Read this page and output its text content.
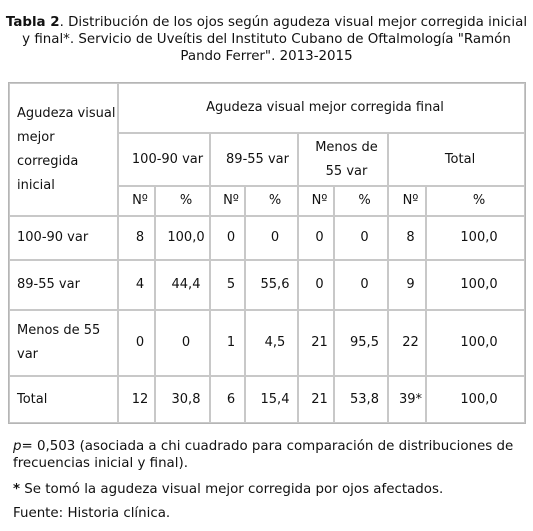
Tabla 2. Distribución de los ojos según agudeza visual mejor corregida inicial y final*. Servicio de Uveítis del Instituto Cubano de Oftalmología "Ramón Pando Ferrer". 2013-2015
Agudeza visual mejor corregida inicial	Agudeza visual mejor corregida final							
	100-90 var		89-55 var		Menos de 55 var		Total	
	Nº	%	Nº	%	Nº	%	Nº	%
100-90 var	8	100,0	0	0	0	0	8	100,0
89-55 var	4	44,4	5	55,6	0	0	9	100,0
Menos de 55 var	0	0	1	4,5	21	95,5	22	100,0
Total	12	30,8	6	15,4	21	53,8	39*	100,0
p= 0,503 (asociada a chi cuadrado para comparación de distribuciones de frecuencias inicial y final).
* Se tomó la agudeza visual mejor corregida por ojos afectados.
Fuente: Historia clínica.
